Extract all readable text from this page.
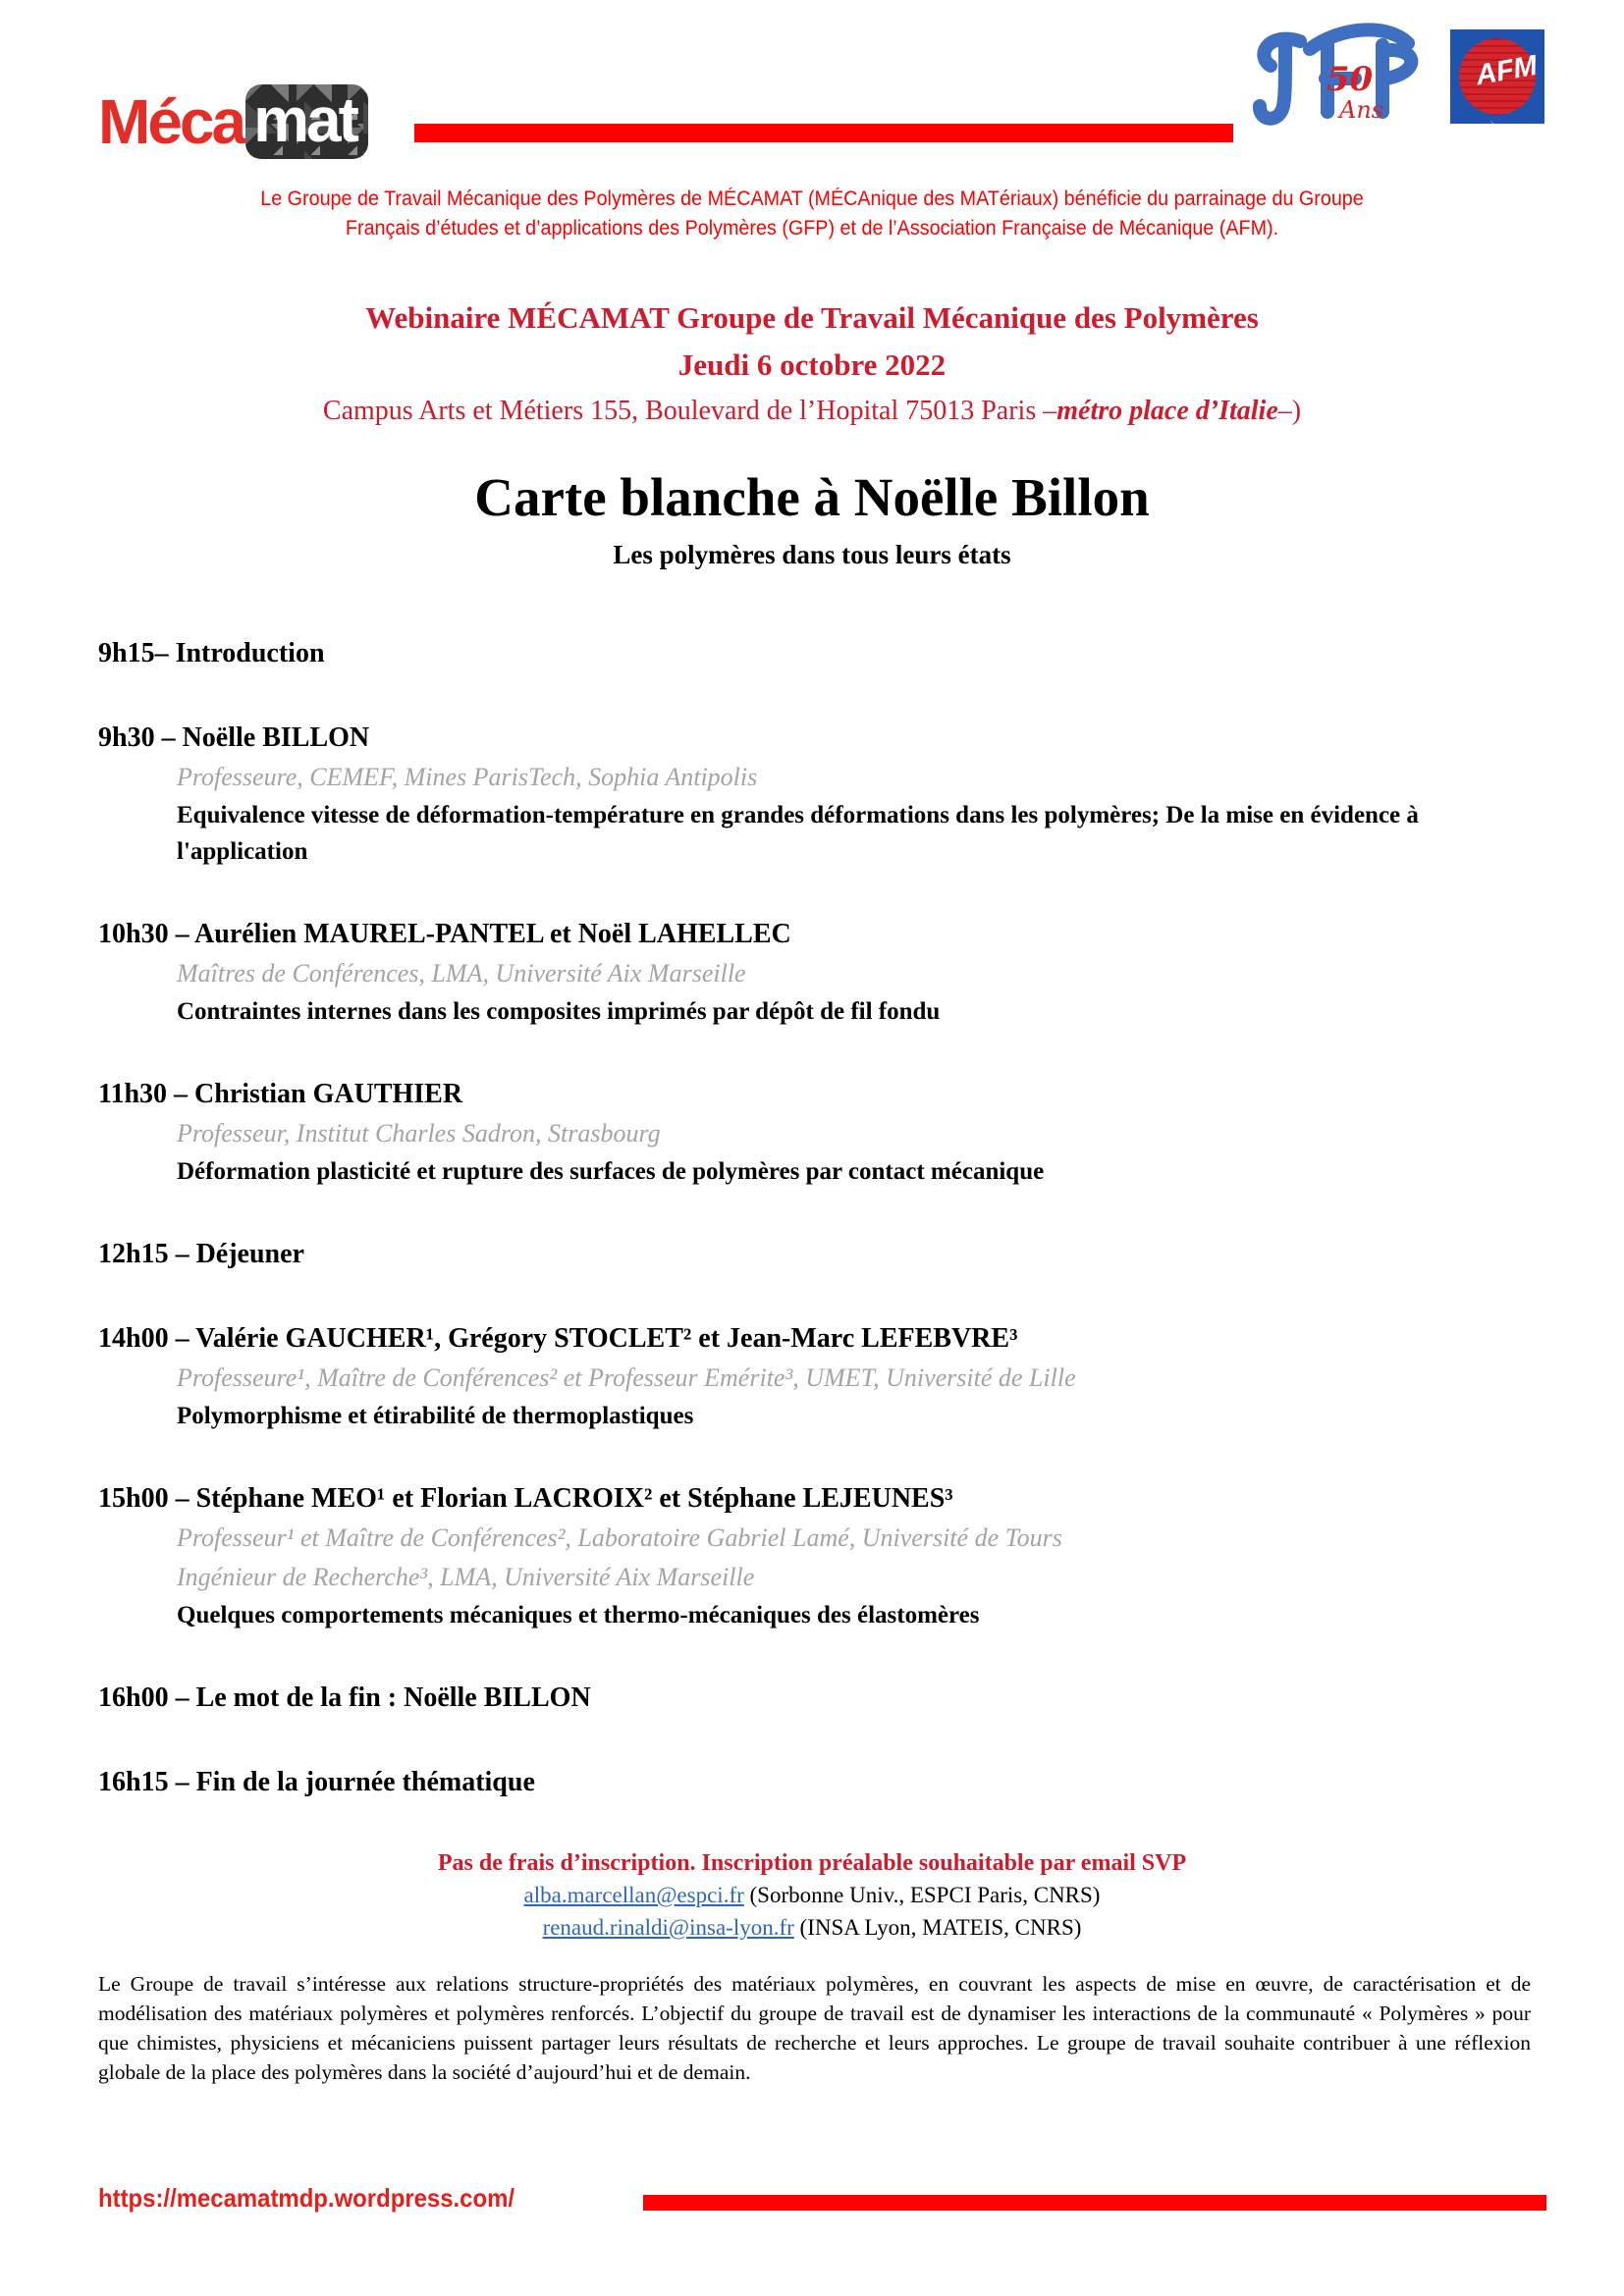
Méca mat
50
Ans
AFM
Le Groupe de Travail Mécanique des Polymères de MÉCAMAT (MÉCAnique des MATériaux) bénéficie du parrainage du Groupe
Français d’études et d’applications des Polymères (GFP) et de l’Association Française de Mécanique (AFM).
Webinaire MÉCAMAT Groupe de Travail Mécanique des Polymères
Jeudi 6 octobre 2022
Campus Arts et Métiers 155, Boulevard de l’Hopital 75013 Paris –métro place d’Italie–)
Carte blanche à Noëlle Billon
Les polymères dans tous leurs états
9h15– Introduction
9h30 – Noëlle BILLON
Professeure, CEMEF, Mines ParisTech, Sophia Antipolis
Equivalence vitesse de déformation-température en grandes déformations dans les polymères; De la mise en évidence à l'application
10h30 – Aurélien MAUREL-PANTEL et Noël LAHELLEC
Maîtres de Conférences, LMA, Université Aix Marseille
Contraintes internes dans les composites imprimés par dépôt de fil fondu
11h30 – Christian GAUTHIER
Professeur, Institut Charles Sadron, Strasbourg
Déformation plasticité et rupture des surfaces de polymères par contact mécanique
12h15 – Déjeuner
14h00 – Valérie GAUCHER¹, Grégory STOCLET² et Jean-Marc LEFEBVRE³
Professeure¹, Maître de Conférences² et Professeur Emérite³, UMET, Université de Lille
Polymorphisme et étirabilité de thermoplastiques
15h00 – Stéphane MEO¹ et Florian LACROIX² et Stéphane LEJEUNES³
Professeur¹ et Maître de Conférences², Laboratoire Gabriel Lamé, Université de Tours
Ingénieur de Recherche³, LMA, Université Aix Marseille
Quelques comportements mécaniques et thermo-mécaniques des élastomères
16h00 – Le mot de la fin : Noëlle BILLON
16h15 – Fin de la journée thématique
Pas de frais d’inscription. Inscription préalable souhaitable par email SVP
alba.marcellan@espci.fr (Sorbonne Univ., ESPCI Paris, CNRS)
renaud.rinaldi@insa-lyon.fr (INSA Lyon, MATEIS, CNRS)
Le Groupe de travail s’intéresse aux relations structure-propriétés des matériaux polymères, en couvrant les aspects de mise en œuvre, de caractérisation et de modélisation des matériaux polymères et polymères renforcés. L’objectif du groupe de travail est de dynamiser les interactions de la communauté « Polymères » pour que chimistes, physiciens et mécaniciens puissent partager leurs résultats de recherche et leurs approches. Le groupe de travail souhaite contribuer à une réflexion globale de la place des polymères dans la société d’aujourd’hui et de demain.
https://mecamatmdp.wordpress.com/
